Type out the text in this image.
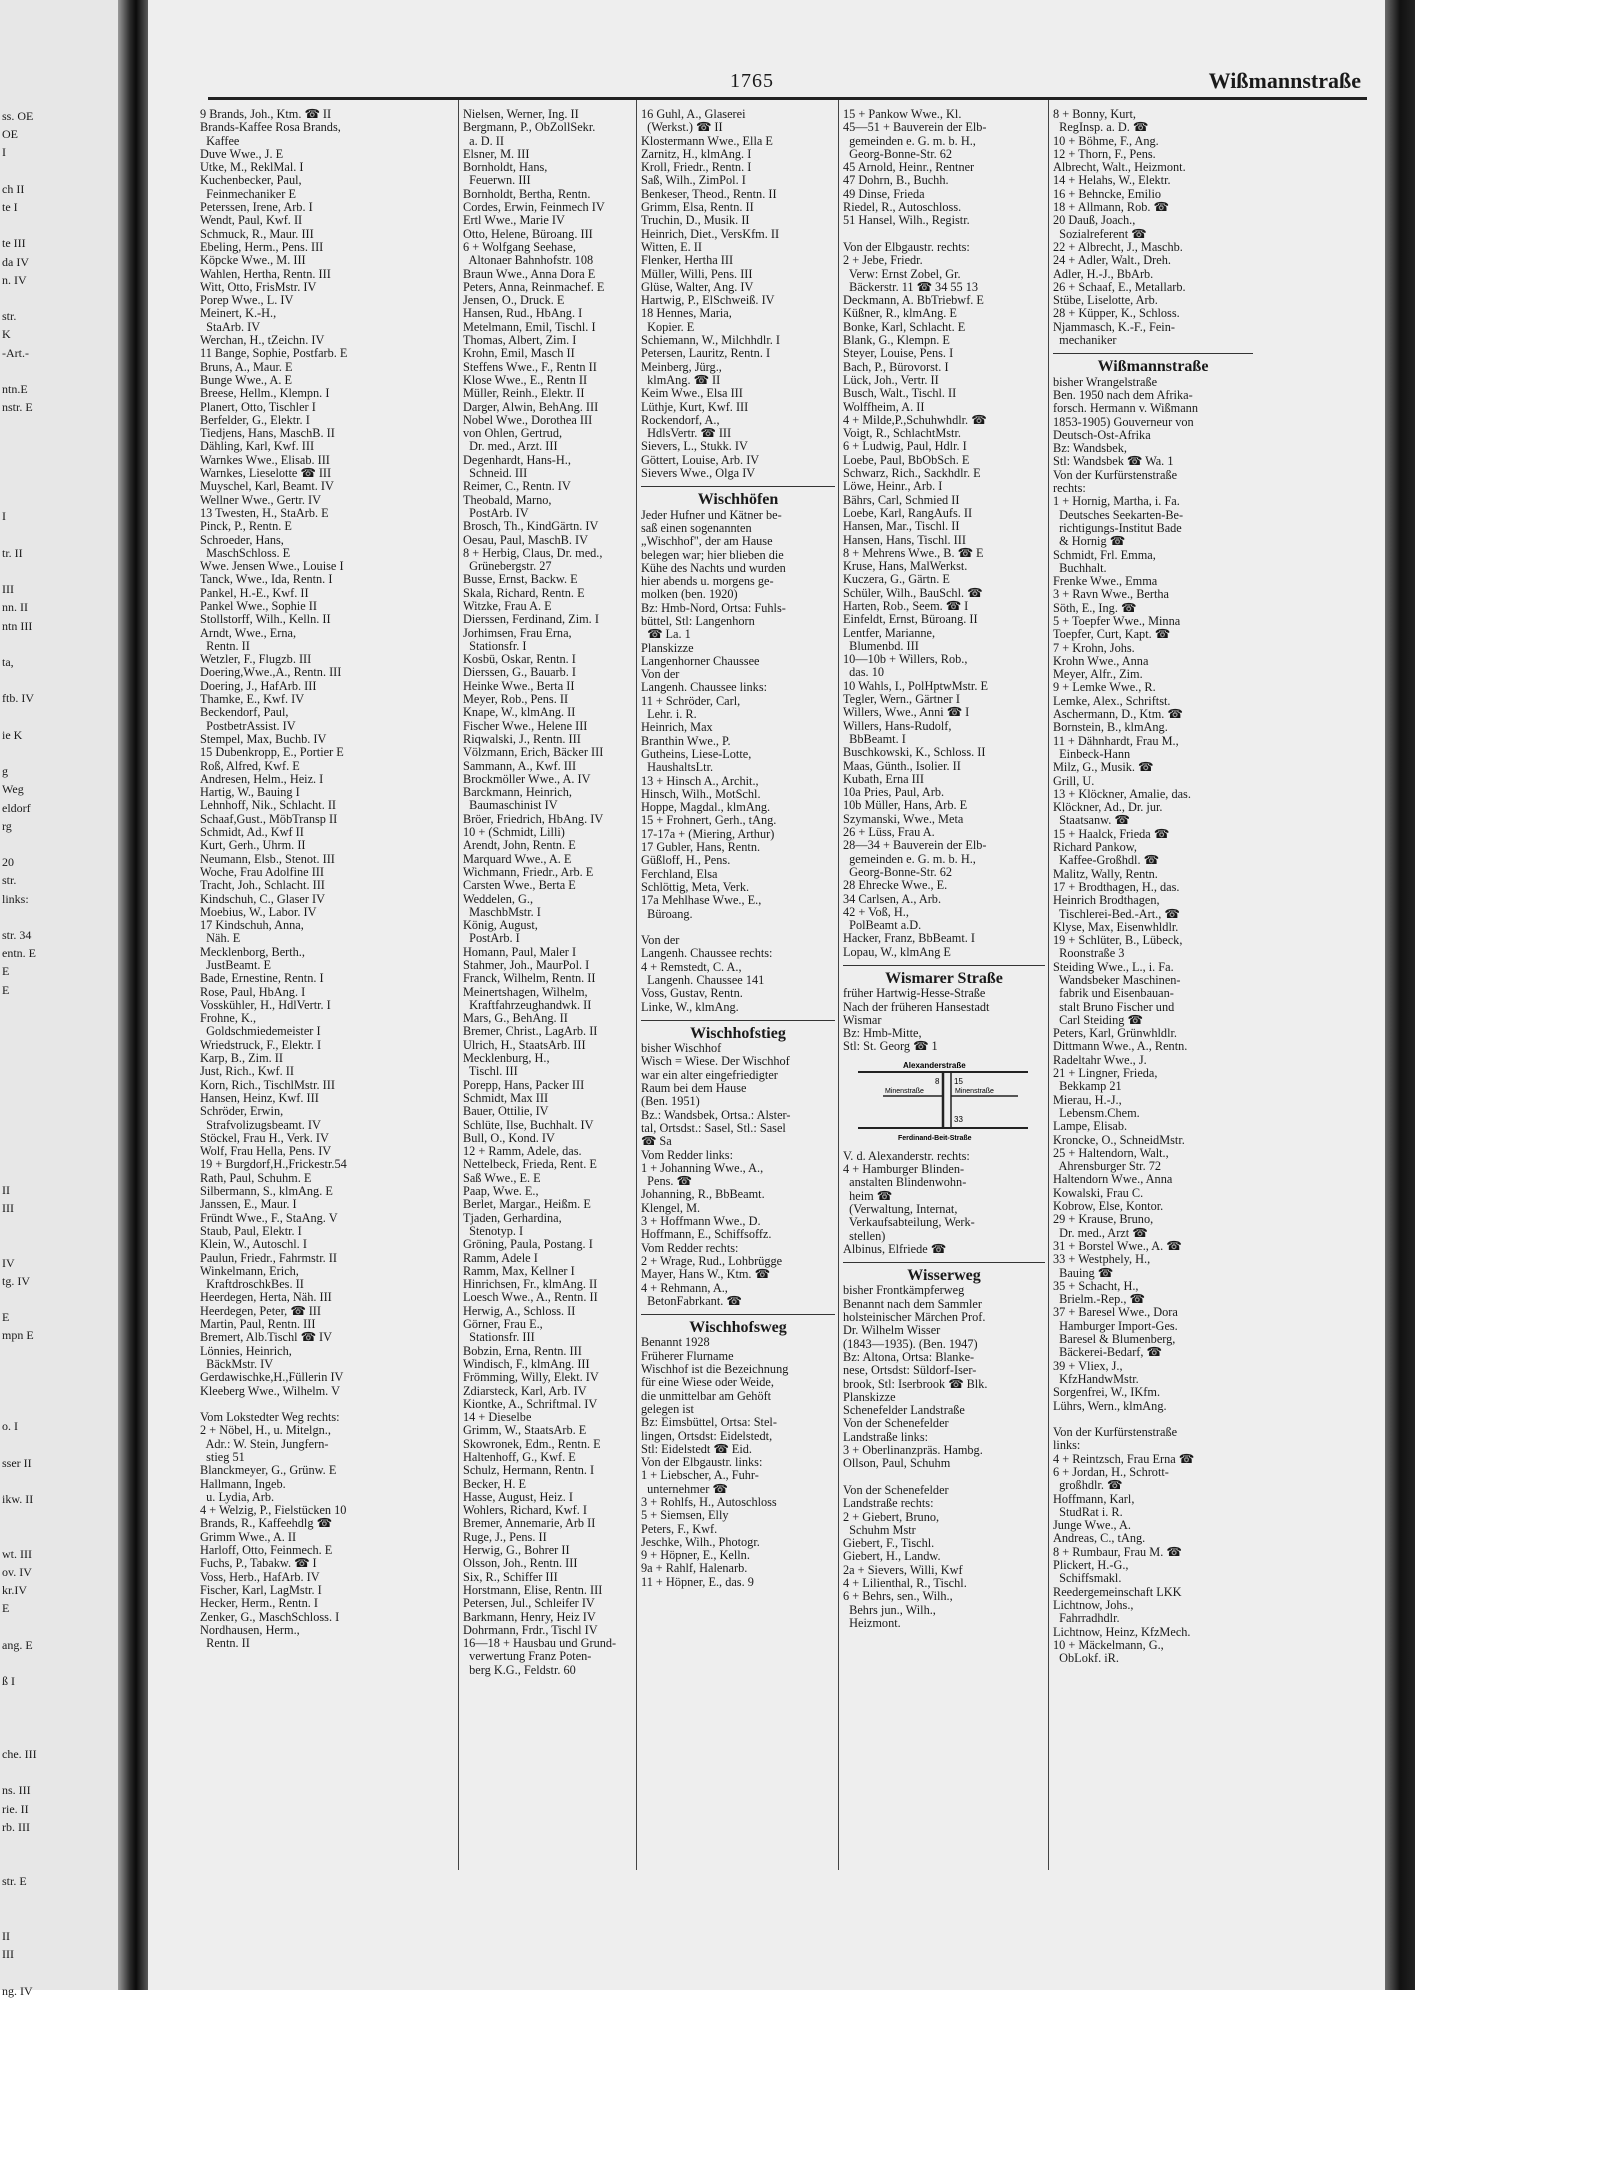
ss. OE
OE
I
ch II
te I
te III
da IV
n. IV
str.
K
-Art.-
ntn.E
nstr. E
I
tr. II
III
nn. II
ntn III
ta,
ftb. IV
ie K
g
Weg
eldorf
rg
20
str.
links:
str. 34
entn. E
E
E
II
III
IV
tg. IV
E
mpn E
o. I
sser II
ikw. II
wt. III
ov. IV
kr.IV
E
ang. E
ß I
che. III
ns. III
rie. II
rb. III
str. E
II
III
ng. IV
1765	Wißmannstraße
9 Brands, Joh., Ktm. ☎ II
Brands-Kaffee Rosa Brands,
Kaffee
Duve Wwe., J. E
Utke, M., ReklMal. I
Kuchenbecker, Paul,
Feinmechaniker E
Peterssen, Irene, Arb. I
Wendt, Paul, Kwf. II
Schmuck, R., Maur. III
Ebeling, Herm., Pens. III
Köpcke Wwe., M. III
Wahlen, Hertha, Rentn. III
Witt, Otto, FrisMstr. IV
Porep Wwe., L. IV
Meinert, K.-H.,
StaArb. IV
Werchan, H., tZeichn. IV
11 Bange, Sophie, Postfarb. E
Bruns, A., Maur. E
Bunge Wwe., A. E
Breese, Hellm., Klempn. I
Planert, Otto, Tischler I
Berfelder, G., Elektr. I
Tiedjens, Hans, MaschB. II
Dähling, Karl, Kwf. III
Warnkes Wwe., Elisab. III
Warnkes, Lieselotte ☎ III
Muyschel, Karl, Beamt. IV
Wellner Wwe., Gertr. IV
13 Twesten, H., StaArb. E
Pinck, P., Rentn. E
Schroeder, Hans,
MaschSchloss. E
Wwe. Jensen Wwe., Louise I
Tanck, Wwe., Ida, Rentn. I
Pankel, H.-E., Kwf. II
Pankel Wwe., Sophie II
Stollstorff, Wilh., Kelln. II
Arndt, Wwe., Erna,
Rentn. II
Wetzler, F., Flugzb. III
Doering,Wwe.,A., Rentn. III
Doering, J., HafArb. III
Thamke, E., Kwf. IV
Beckendorf, Paul,
PostbetrAssist. IV
Stempel, Max, Buchb. IV
15 Dubenkropp, E., Portier E
Roß, Alfred, Kwf. E
Andresen, Helm., Heiz. I
Hartig, W., Bauing I
Lehnhoff, Nik., Schlacht. II
Schaaf,Gust., MöbTransp II
Schmidt, Ad., Kwf II
Kurt, Gerh., Uhrm. II
Neumann, Elsb., Stenot. III
Woche, Frau Adolfine III
Tracht, Joh., Schlacht. III
Kindschuh, C., Glaser IV
Moebius, W., Labor. IV
17 Kindschuh, Anna,
Näh. E
Mecklenborg, Berth.,
JustBeamt. E
Bade, Ernestine, Rentn. I
Rose, Paul, HbAng. I
Vosskühler, H., HdlVertr. I
Frohne, K.,
Goldschmiedemeister I
Wriedstruck, F., Elektr. I
Karp, B., Zim. II
Just, Rich., Kwf. II
Korn, Rich., TischlMstr. III
Hansen, Heinz, Kwf. III
Schröder, Erwin,
Strafvolizugsbeamt. IV
Stöckel, Frau H., Verk. IV
Wolf, Frau Hella, Pens. IV
19 + Burgdorf,H.,Frickestr.54
Rath, Paul, Schuhm. E
Silbermann, S., klmAng. E
Janssen, E., Maur. I
Fründt Wwe., F., StaAng. V
Staub, Paul, Elektr. I
Klein, W., Autoschl. I
Paulun, Friedr., Fahrmstr. II
Winkelmann, Erich,
KraftdroschkBes. II
Heerdegen, Herta, Näh. III
Heerdegen, Peter, ☎ III
Martin, Paul, Rentn. III
Bremert, Alb.Tischl ☎ IV
Lönnies, Heinrich,
BäckMstr. IV
Gerdawischke,H.,Füllerin IV
Kleeberg Wwe., Wilhelm. V
Vom Lokstedter Weg rechts:
2 + Nöbel, H., u. Mitelgn.,
Adr.: W. Stein, Jungfern-
stieg 51
Blanckmeyer, G., Grünw. E
Hallmann, Ingeb.
u. Lydia, Arb.
4 + Welzig, P., Fielstücken 10
Brands, R., Kaffeehdlg ☎
Grimm Wwe., A. II
Harloff, Otto, Feinmech. E
Fuchs, P., Tabakw. ☎ I
Voss, Herb., HafArb. IV
Fischer, Karl, LagMstr. I
Hecker, Herm., Rentn. I
Zenker, G., MaschSchloss. I
Nordhausen, Herm.,
Rentn. II
Nielsen, Werner, Ing. II
Bergmann, P., ObZollSekr.
a. D. II
Elsner, M. III
Bornholdt, Hans,
Feuerwn. III
Bornholdt, Bertha, Rentn.
Cordes, Erwin, Feinmech IV
Ertl Wwe., Marie IV
Otto, Helene, Büroang. III
6 + Wolfgang Seehase,
Altonaer Bahnhofstr. 108
Braun Wwe., Anna Dora E
Peters, Anna, Reinmachef. E
Jensen, O., Druck. E
Hansen, Rud., HbAng. I
Metelmann, Emil, Tischl. I
Thomas, Albert, Zim. I
Krohn, Emil, Masch II
Steffens Wwe., F., Rentn II
Klose Wwe., E., Rentn II
Müller, Reinh., Elektr. II
Darger, Alwin, BehAng. III
Nobel Wwe., Dorothea III
von Ohlen, Gertrud,
Dr. med., Arzt. III
Degenhardt, Hans-H.,
Schneid. III
Reimer, C., Rentn. IV
Theobald, Marno,
PostArb. IV
Brosch, Th., KindGärtn. IV
Oesau, Paul, MaschB. IV
8 + Herbig, Claus, Dr. med.,
Grünebergstr. 27
Busse, Ernst, Backw. E
Skala, Richard, Rentn. E
Witzke, Frau A. E
Dierssen, Ferdinand, Zim. I
Jorhimsen, Frau Erna,
Stationsfr. I
Kosbü, Oskar, Rentn. I
Dierssen, G., Bauarb. I
Heinke Wwe., Berta II
Meyer, Rob., Pens. II
Knape, W., klmAng. II
Fischer Wwe., Helene III
Riqwalski, J., Rentn. III
Völzmann, Erich, Bäcker III
Sammann, A., Kwf. III
Brockmöller Wwe., A. IV
Barckmann, Heinrich,
Baumaschinist IV
Bröer, Friedrich, HbAng. IV
10 + (Schmidt, Lilli)
Arendt, John, Rentn. E
Marquard Wwe., A. E
Wichmann, Friedr., Arb. E
Carsten Wwe., Berta E
Weddelen, G.,
MaschbMstr. I
König, August,
PostArb. I
Homann, Paul, Maler I
Stahmer, Joh., MaurPol. I
Franck, Wilhelm, Rentn. II
Meinertshagen, Wilhelm,
Kraftfahrzeughandwk. II
Mars, G., BehAng. II
Bremer, Christ., LagArb. II
Ulrich, H., StaatsArb. III
Mecklenburg, H.,
Tischl. III
Porepp, Hans, Packer III
Schmidt, Max III
Bauer, Ottilie, IV
Schlüte, Ilse, Buchhalt. IV
Bull, O., Kond. IV
12 + Ramm, Adele, das.
Nettelbeck, Frieda, Rent. E
Saß Wwe., E. E
Paap, Wwe. E.,
Berlet, Margar., Heißm. E
Tjaden, Gerhardina,
Stenotyp. I
Gröning, Paula, Postang. I
Ramm, Adele I
Ramm, Max, Kellner I
Hinrichsen, Fr., klmAng. II
Loesch Wwe., A., Rentn. II
Herwig, A., Schloss. II
Görner, Frau E.,
Stationsfr. III
Bobzin, Erna, Rentn. III
Windisch, F., klmAng. III
Frömming, Willy, Elekt. IV
Zdiarsteck, Karl, Arb. IV
Kiontke, A., Schriftmal. IV
14 + Dieselbe
Grimm, W., StaatsArb. E
Skowronek, Edm., Rentn. E
Haltenhoff, G., Kwf. E
Schulz, Hermann, Rentn. I
Becker, H. E
Hasse, August, Heiz. I
Wohlers, Richard, Kwf. I
Bremer, Annemarie, Arb II
Ruge, J., Pens. II
Herwig, G., Bohrer II
Olsson, Joh., Rentn. III
Six, R., Schiffer III
Horstmann, Elise, Rentn. III
Petersen, Jul., Schleifer IV
Barkmann, Henry, Heiz IV
Dohrmann, Frdr., Tischl IV
16—18 + Hausbau und Grund-
verwertung Franz Poten-
berg K.G., Feldstr. 60
16 Guhl, A., Glaserei
(Werkst.) ☎ II
Klostermann Wwe., Ella E
Zarnitz, H., klmAng. I
Kroll, Friedr., Rentn. I
Saß, Wilh., ZimPol. I
Benkeser, Theod., Rentn. II
Grimm, Elsa, Rentn. II
Truchin, D., Musik. II
Heinrich, Diet., VersKfm. II
Witten, E. II
Flenker, Hertha III
Müller, Willi, Pens. III
Glüse, Walter, Ang. IV
Hartwig, P., ElSchweiß. IV
18 Hennes, Maria,
Kopier. E
Schiemann, W., Milchhdlr. I
Petersen, Lauritz, Rentn. I
Meinberg, Jürg.,
klmAng. ☎ II
Keim Wwe., Elsa III
Lüthje, Kurt, Kwf. III
Rockendorf, A.,
HdlsVertr. ☎ III
Sievers, L., Stukk. IV
Göttert, Louise, Arb. IV
Sievers Wwe., Olga IV
Wischhöfen
Jeder Hufner und Kätner be-
saß einen sogenannten
„Wischhof", der am Hause
belegen war; hier blieben die
Kühe des Nachts und wurden
hier abends u. morgens ge-
molken (ben. 1920)
Bz: Hmb-Nord, Ortsa: Fuhls-
büttel, Stl: Langenhorn
☎ La. 1
Planskizze
Langenhorner Chaussee
Von der
Langenh. Chaussee links:
11 + Schröder, Carl,
Lehr. i. R.
Heinrich, Max
Branthin Wwe., P.
Gutheins, Liese-Lotte,
HaushaltsLtr.
13 + Hinsch A., Archit.,
Hinsch, Wilh., MotSchl.
Hoppe, Magdal., klmAng.
15 + Frohnert, Gerh., tAng.
17-17a + (Miering, Arthur)
17 Gubler, Hans, Rentn.
Güßloff, H., Pens.
Ferchland, Elsa
Schlöttig, Meta, Verk.
17a Mehlhase Wwe., E.,
Büroang.
Von der
Langenh. Chaussee rechts:
4 + Remstedt, C. A.,
Langenh. Chaussee 141
Voss, Gustav, Rentn.
Linke, W., klmAng.
Wischhofstieg
bisher Wischhof
Wisch = Wiese. Der Wischhof
war ein alter eingefriedigter
Raum bei dem Hause
(Ben. 1951)
Bz.: Wandsbek, Ortsa.: Alster-
tal, Ortsdst.: Sasel, Stl.: Sasel
☎ Sa
Vom Redder links:
1 + Johanning Wwe., A.,
Pens. ☎
Johanning, R., BbBeamt.
Klengel, M.
3 + Hoffmann Wwe., D.
Hoffmann, E., Schiffsoffz.
Vom Redder rechts:
2 + Wrage, Rud., Lohbrügge
Mayer, Hans W., Ktm. ☎
4 + Rehmann, A.,
BetonFabrkant. ☎
Wischhofsweg
Benannt 1928
Früherer Flurname
Wischhof ist die Bezeichnung
für eine Wiese oder Weide,
die unmittelbar am Gehöft
gelegen ist
Bz: Eimsbüttel, Ortsa: Stel-
lingen, Ortsdst: Eidelstedt,
Stl: Eidelstedt ☎ Eid.
Von der Elbgaustr. links:
1 + Liebscher, A., Fuhr-
unternehmer ☎
3 + Rohlfs, H., Autoschloss
5 + Siemsen, Elly
Peters, F., Kwf.
Jeschke, Wilh., Photogr.
9 + Höpner, E., Kelln.
9a + Rahlf, Halenarb.
11 + Höpner, E., das. 9
15 + Pankow Wwe., Kl.
45—51 + Bauverein der Elb-
gemeinden e. G. m. b. H.,
Georg-Bonne-Str. 62
45 Arnold, Heinr., Rentner
47 Dohrn, B., Buchh.
49 Dinse, Frieda
Riedel, R., Autoschloss.
51 Hansel, Wilh., Registr.
Von der Elbgaustr. rechts:
2 + Jebe, Friedr.
Verw: Ernst Zobel, Gr.
Bäckerstr. 11 ☎ 34 55 13
Deckmann, A. BbTriebwf. E
Küßner, R., klmAng. E
Bonke, Karl, Schlacht. E
Blank, G., Klempn. E
Steyer, Louise, Pens. I
Bach, P., Bürovorst. I
Lück, Joh., Vertr. II
Busch, Walt., Tischl. II
Wolffheim, A. II
4 + Milde,P.,Schuhwhdlr. ☎
Voigt, R., SchlachtMstr.
6 + Ludwig, Paul, Hdlr. I
Loebe, Paul, BbObSch. E
Schwarz, Rich., Sackhdlr. E
Löwe, Heinr., Arb. I
Bährs, Carl, Schmied II
Loebe, Karl, RangAufs. II
Hansen, Mar., Tischl. II
Hansen, Hans, Tischl. III
8 + Mehrens Wwe., B. ☎ E
Kruse, Hans, MalWerkst.
Kuczera, G., Gärtn. E
Schüler, Wilh., BauSchl. ☎
Harten, Rob., Seem. ☎ I
Einfeldt, Ernst, Büroang. II
Lentfer, Marianne,
Blumenbd. III
10—10b + Willers, Rob.,
das. 10
10 Wahls, I., PolHptwMstr. E
Tegler, Wern., Gärtner I
Willers, Wwe., Anni ☎ I
Willers, Hans-Rudolf,
BbBeamt. I
Buschkowski, K., Schloss. II
Maas, Günth., Isolier. II
Kubath, Erna III
10a Pries, Paul, Arb.
10b Müller, Hans, Arb. E
Szymanski, Wwe., Meta
26 + Lüss, Frau A.
28—34 + Bauverein der Elb-
gemeinden e. G. m. b. H.,
Georg-Bonne-Str. 62
28 Ehrecke Wwe., E.
34 Carlsen, A., Arb.
42 + Voß, H.,
PolBeamt a.D.
Hacker, Franz, BbBeamt. I
Lopau, W., klmAng E
Wismarer Straße
früher Hartwig-Hesse-Straße
Nach der früheren Hansestadt
Wismar
Bz: Hmb-Mitte,
Stl: St. Georg ☎ 1
Alexanderstraße
Minenstraße	Minenstraße
Ferdinand-Beit-Straße
8 15
33
V. d. Alexanderstr. rechts:
4 + Hamburger Blinden-
anstalten Blindenwohn-
heim ☎
(Verwaltung, Internat,
Verkaufsabteilung, Werk-
stellen)
Albinus, Elfriede ☎
Wisserweg
bisher Frontkämpferweg
Benannt nach dem Sammler
holsteinischer Märchen Prof.
Dr. Wilhelm Wisser
(1843—1935). (Ben. 1947)
Bz: Altona, Ortsa: Blanke-
nese, Ortsdst: Süldorf-Iser-
brook, Stl: Iserbrook ☎ Blk.
Planskizze
Schenefelder Landstraße
Von der Schenefelder
Landstraße links:
3 + Oberlinanzpräs. Hambg.
Ollson, Paul, Schuhm
Von der Schenefelder
Landstraße rechts:
2 + Giebert, Bruno,
Schuhm Mstr
Giebert, F., Tischl.
Giebert, H., Landw.
2a + Sievers, Willi, Kwf
4 + Lilienthal, R., Tischl.
6 + Behrs, sen., Wilh.,
Behrs jun., Wilh.,
Heizmont.
8 + Bonny, Kurt,
RegInsp. a. D. ☎
10 + Böhme, F., Ang.
12 + Thorn, F., Pens.
Albrecht, Walt., Heizmont.
14 + Helahs, W., Elektr.
16 + Behncke, Emilio
18 + Allmann, Rob. ☎
20 Dauß, Joach.,
Sozialreferent ☎
22 + Albrecht, J., Maschb.
24 + Adler, Walt., Dreh.
Adler, H.-J., BbArb.
26 + Schaaf, E., Metallarb.
Stübe, Liselotte, Arb.
28 + Küpper, K., Schloss.
Njammasch, K.-F., Fein-
mechaniker
Wißmannstraße
bisher Wrangelstraße
Ben. 1950 nach dem Afrika-
forsch. Hermann v. Wißmann
1853-1905) Gouverneur von
Deutsch-Ost-Afrika
Bz: Wandsbek,
Stl: Wandsbek ☎ Wa. 1
Von der Kurfürstenstraße
rechts:
1 + Hornig, Martha, i. Fa.
Deutsches Seekarten-Be-
richtigungs-Institut Bade
& Hornig ☎
Schmidt, Frl. Emma,
Buchhalt.
Frenke Wwe., Emma
3 + Ravn Wwe., Bertha
Söth, E., Ing. ☎
5 + Toepfer Wwe., Minna
Toepfer, Curt, Kapt. ☎
7 + Krohn, Johs.
Krohn Wwe., Anna
Meyer, Alfr., Zim.
9 + Lemke Wwe., R.
Lemke, Alex., Schriftst.
Aschermann, D., Ktm. ☎
Bornstein, B., klmAng.
11 + Dähnhardt, Frau M.,
Einbeck-Hann
Milz, G., Musik. ☎
Grill, U.
13 + Klöckner, Amalie, das.
Klöckner, Ad., Dr. jur.
Staatsanw. ☎
15 + Haalck, Frieda ☎
Richard Pankow,
Kaffee-Großhdl. ☎
Malitz, Wally, Rentn.
17 + Brodthagen, H., das.
Heinrich Brodthagen,
Tischlerei-Bed.-Art., ☎
Klyse, Max, Eisenwhldlr.
19 + Schlüter, B., Lübeck,
Roonstraße 3
Steiding Wwe., L., i. Fa.
Wandsbeker Maschinen-
fabrik und Eisenbauan-
stalt Bruno Fischer und
Carl Steiding ☎
Peters, Karl, Grünwhldlr.
Dittmann Wwe., A., Rentn.
Radeltahr Wwe., J.
21 + Lingner, Frieda,
Bekkamp 21
Mierau, H.-J.,
Lebensm.Chem.
Lampe, Elisab.
Kroncke, O., SchneidMstr.
25 + Haltendorn, Walt.,
Ahrensburger Str. 72
Haltendorn Wwe., Anna
Kowalski, Frau C.
Kobrow, Else, Kontor.
29 + Krause, Bruno,
Dr. med., Arzt ☎
31 + Borstel Wwe., A. ☎
33 + Westphely, H.,
Bauing ☎
35 + Schacht, H.,
Brielm.-Rep., ☎
37 + Baresel Wwe., Dora
Hamburger Import-Ges.
Baresel & Blumenberg,
Bäckerei-Bedarf, ☎
39 + Vliex, J.,
KfzHandwMstr.
Sorgenfrei, W., IKfm.
Lührs, Wern., klmAng.
Von der Kurfürstenstraße
links:
4 + Reintzsch, Frau Erna ☎
6 + Jordan, H., Schrott-
großhdlr. ☎
Hoffmann, Karl,
StudRat i. R.
Junge Wwe., A.
Andreas, C., tAng.
8 + Rumbaur, Frau M. ☎
Plickert, H.-G.,
Schiffsmakl.
Reedergemeinschaft LKK
Lichtnow, Johs.,
Fahrradhdlr.
Lichtnow, Heinz, KfzMech.
10 + Mäckelmann, G.,
ObLokf. iR.
